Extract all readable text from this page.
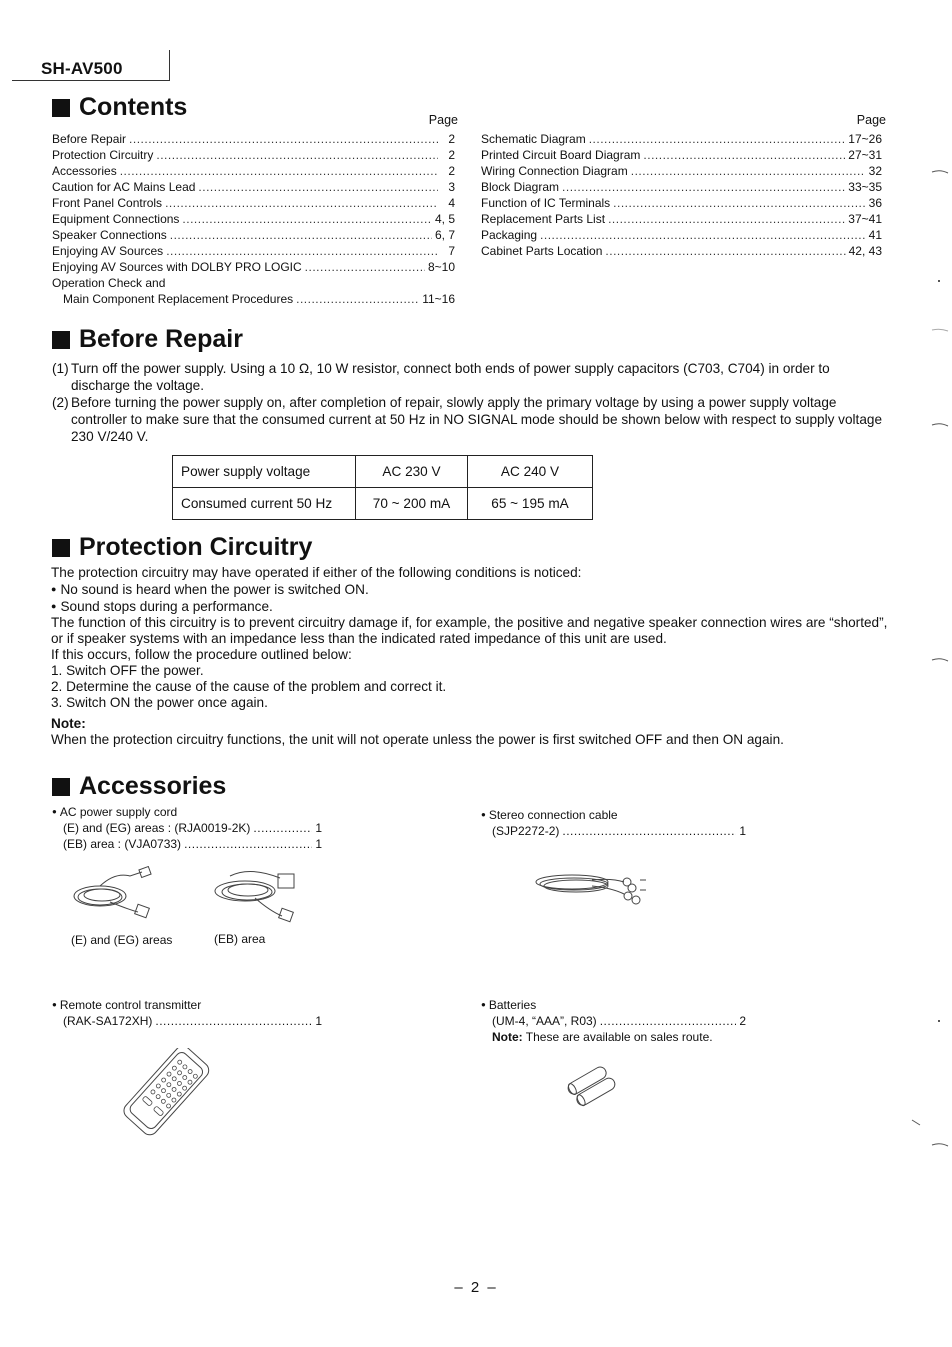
SH-AV500
Contents	Page
Before Repair .....	2
Protection Circuitry .....	2
Accessories .....	2
Caution for AC Mains Lead .....	3
Front Panel Controls .....	4
Equipment Connections .....	4, 5
Speaker Connections .....	6, 7
Enjoying AV Sources .....	7
Enjoying AV Sources with DOLBY PRO LOGIC .....	8~10
Operation Check and
Main Component Replacement Procedures .....	11~16
Page
Schematic Diagram .....	17~26
Printed Circuit Board Diagram .....	27~31
Wiring Connection Diagram .....	32
Block Diagram .....	33~35
Function of IC Terminals .....	36
Replacement Parts List .....	37~41
Packaging .....	41
Cabinet Parts Location .....	42, 43
Before Repair
(1) Turn off the power supply. Using a 10 Ω, 10 W resistor, connect both ends of power supply capacitors (C703, C704) in order to discharge the voltage.
(2) Before turning the power supply on, after completion of repair, slowly apply the primary voltage by using a power supply voltage controller to make sure that the consumed current at 50 Hz in NO SIGNAL mode should be shown below with respect to supply voltage 230 V/240 V.
Power supply voltage	AC 230 V	AC 240 V
Consumed current 50 Hz	70 ~ 200 mA	65 ~ 195 mA
Protection Circuitry

The protection circuitry may have operated if either of the following conditions is noticed:

● No sound is heard when the power is switched ON.

● Sound stops during a performance.

The function of this circuitry is to prevent circuitry damage if, for example, the positive and negative speaker connection wires are “shorted”, or if speaker systems with an impedance less than the indicated rated impedance of this unit are used.

If this occurs, follow the procedure outlined below:

1. Switch OFF the power.

2. Determine the cause of the cause of the problem and correct it.

3. Switch ON the power once again.

Note:

When the protection circuitry functions, the unit will not operate unless the power is first switched OFF and then ON again.

Accessories
● AC power supply cord
(E) and (EG) areas : (RJA0019-2K) .....	1
(EB) area : (VJA0733) .....	1
(E) and (EG) areas	(EB) area
● Stereo connection cable
(SJP2272-2) .....	1
● Remote control transmitter
(RAK-SA172XH) .....	1
● Batteries
(UM-4, “AAA”, R03) .....	2
Note: These are available on sales route.
– 2 –
